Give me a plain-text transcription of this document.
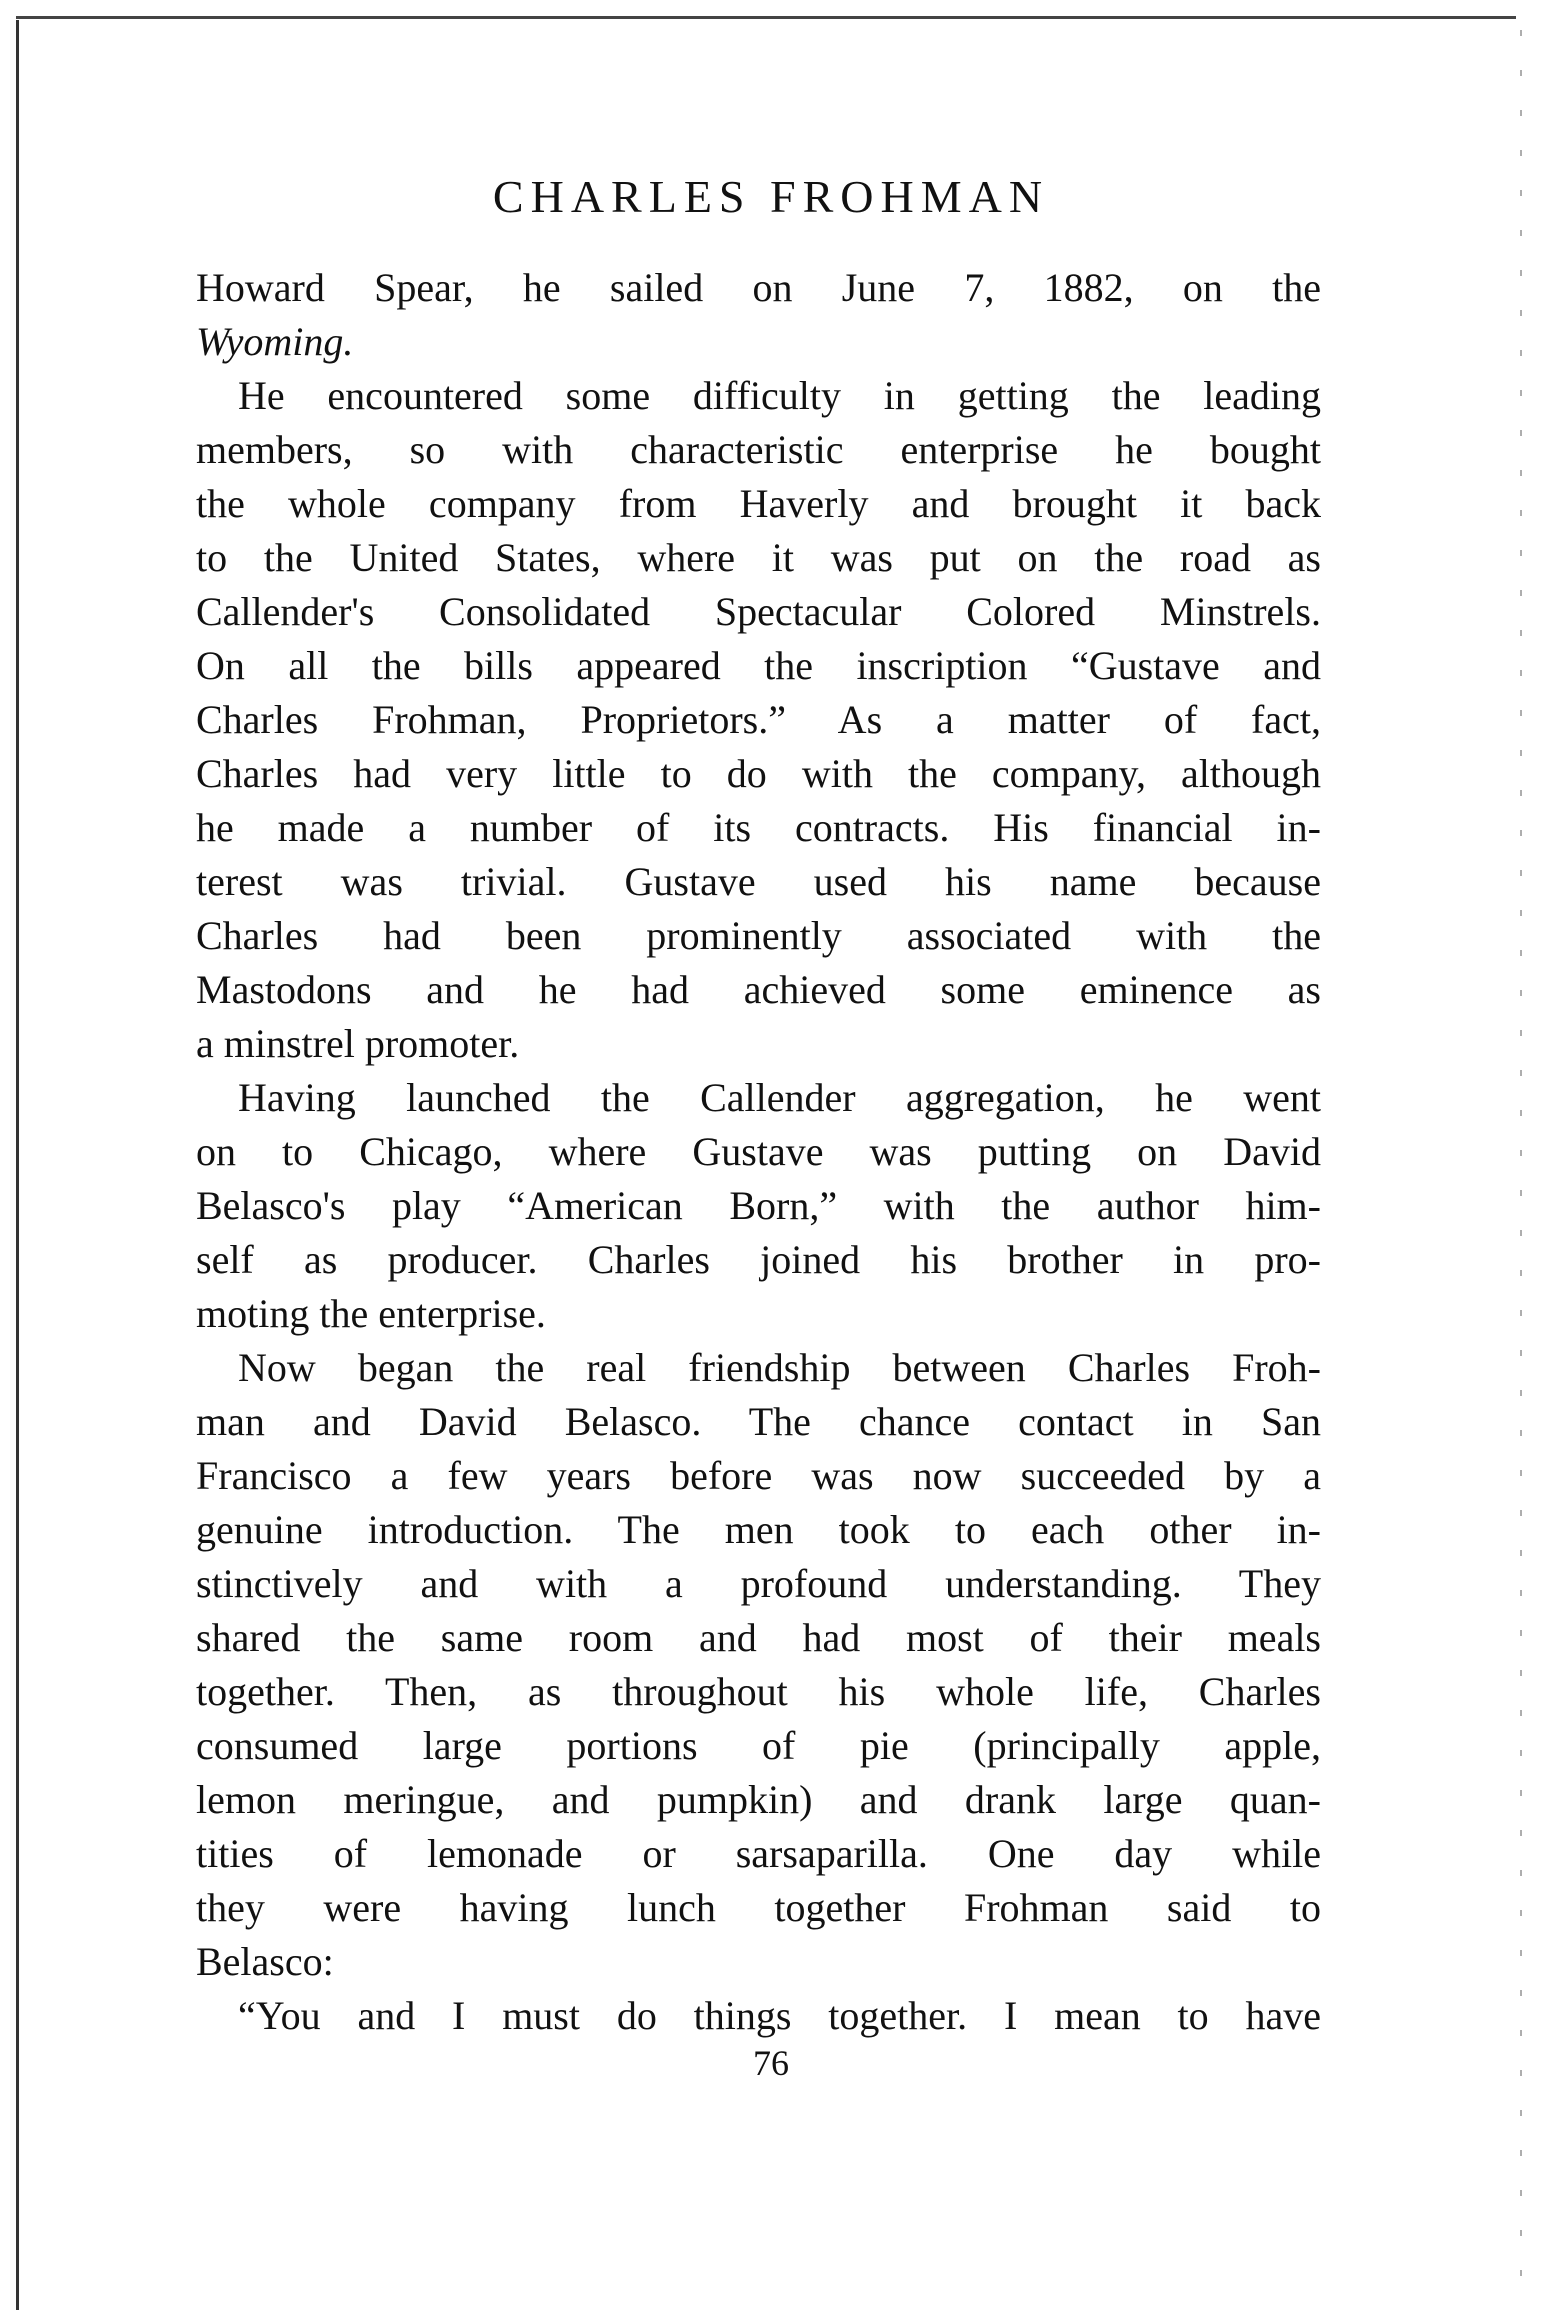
CHARLES FROHMAN
Howard Spear, he sailed on June 7, 1882, on the
Wyoming.
He encountered some difficulty in getting the leading
members, so with characteristic enterprise he bought
the whole company from Haverly and brought it back
to the United States, where it was put on the road as
Callender's Consolidated Spectacular Colored Minstrels.
On all the bills appeared the inscription “Gustave and
Charles Frohman, Proprietors.” As a matter of fact,
Charles had very little to do with the company, although
he made a number of its contracts. His financial in-
terest was trivial. Gustave used his name because
Charles had been prominently associated with the
Mastodons and he had achieved some eminence as
a minstrel promoter.
Having launched the Callender aggregation, he went
on to Chicago, where Gustave was putting on David
Belasco's play “American Born,” with the author him-
self as producer. Charles joined his brother in pro-
moting the enterprise.
Now began the real friendship between Charles Froh-
man and David Belasco. The chance contact in San
Francisco a few years before was now succeeded by a
genuine introduction. The men took to each other in-
stinctively and with a profound understanding. They
shared the same room and had most of their meals
together. Then, as throughout his whole life, Charles
consumed large portions of pie (principally apple,
lemon meringue, and pumpkin) and drank large quan-
tities of lemonade or sarsaparilla. One day while
they were having lunch together Frohman said to
Belasco:
“You and I must do things together. I mean to have
76
